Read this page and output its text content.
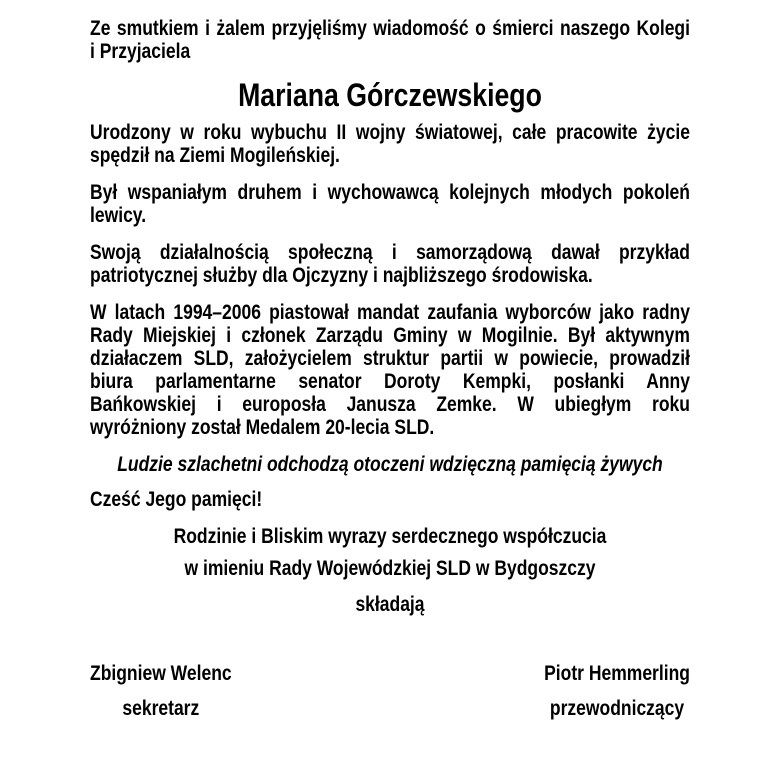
Ze smutkiem i żalem przyjęliśmy wiadomość o śmierci naszego Kolegi
i Przyjaciela
Mariana Górczewskiego
Urodzony w roku wybuchu II wojny światowej, całe pracowite życie
spędził na Ziemi Mogileńskiej.
Był wspaniałym druhem i wychowawcą kolejnych młodych pokoleń
lewicy.
Swoją działalnością społeczną i samorządową dawał przykład
patriotycznej służby dla Ojczyzny i najbliższego środowiska.
W latach 1994–2006 piastował mandat zaufania wyborców jako radny
Rady Miejskiej i członek Zarządu Gminy w Mogilnie. Był aktywnym
działaczem SLD, założycielem struktur partii w powiecie, prowadził
biura parlamentarne senator Doroty Kempki, posłanki Anny
Bańkowskiej i europosła Janusza Zemke. W ubiegłym roku
wyróżniony został Medalem 20-lecia SLD.
Ludzie szlachetni odchodzą otoczeni wdzięczną pamięcią żywych
Cześć Jego pamięci!
Rodzinie i Bliskim wyrazy serdecznego współczucia
w imieniu Rady Wojewódzkiej SLD w Bydgoszczy
składają
Zbigniew Welenc
sekretarz
Piotr Hemmerling
przewodniczący
